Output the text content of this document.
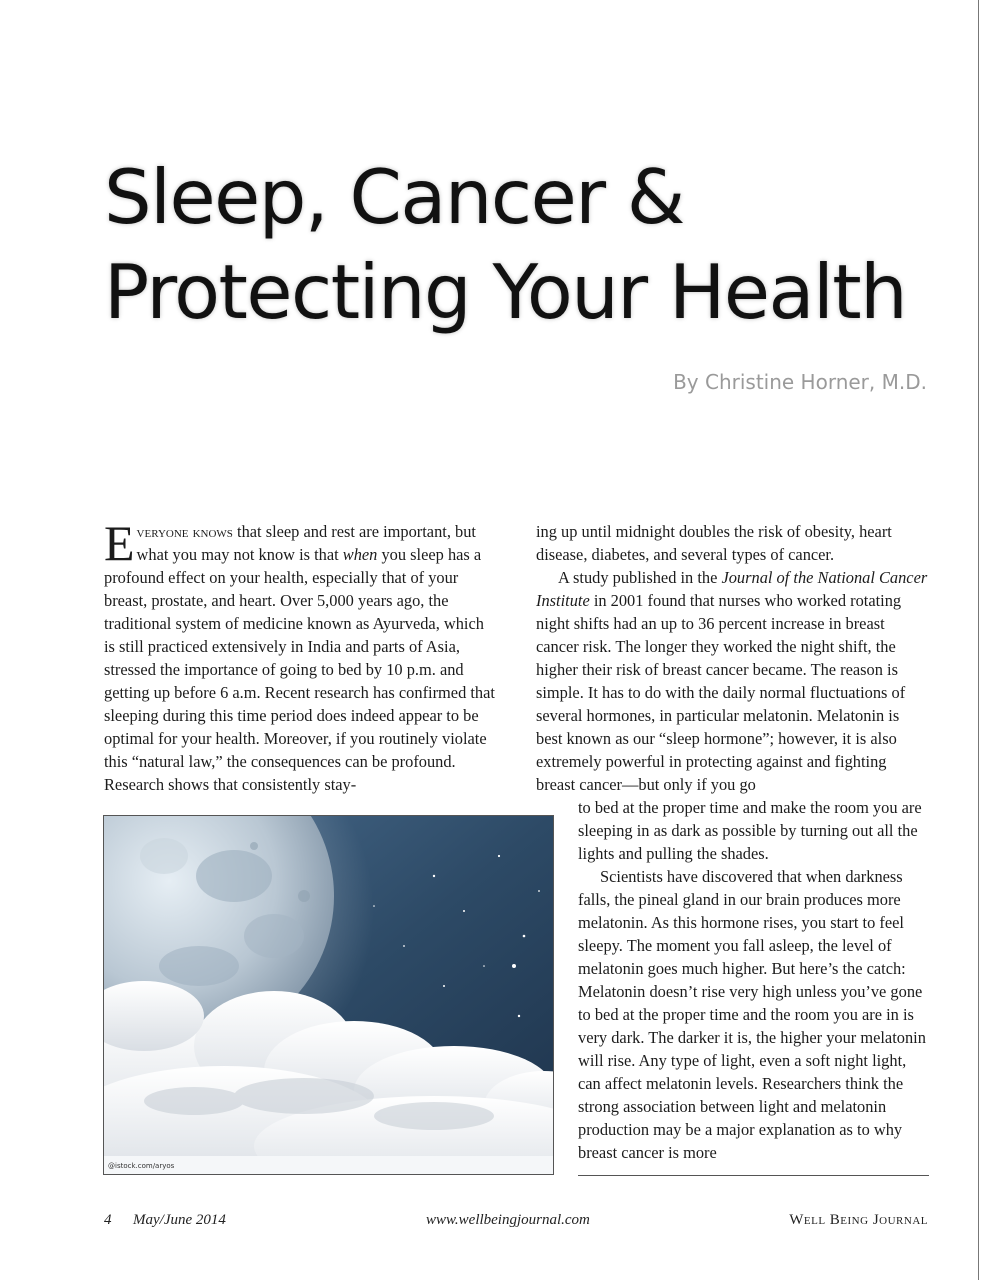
Sleep, Cancer &
Protecting Your Health
By Christine Horner, M.D.

Everyone knows that sleep and rest are important, but what you may not know is that when you sleep has a profound effect on your health, especially that of your breast, prostate, and heart. Over 5,000 years ago, the traditional system of medicine known as Ayurveda, which is still practiced extensively in India and parts of Asia, stressed the importance of going to bed by 10 p.m. and getting up before 6 a.m. Recent research has confirmed that sleeping during this time period does indeed appear to be optimal for your health. Moreover, if you routinely violate this “natural law,” the consequences can be profound. Research shows that consistently stay-

ing up until midnight doubles the risk of obesity, heart disease, diabetes, and several types of cancer.

A study published in the Journal of the National Cancer Institute in 2001 found that nurses who worked rotating night shifts had an up to 36 percent increase in breast cancer risk. The longer they worked the night shift, the higher their risk of breast cancer became. The reason is simple. It has to do with the daily normal fluctuations of several hormones, in particular melatonin. Melatonin is best known as our “sleep hormone”; however, it is also extremely powerful in protecting against and fighting breast cancer—but only if you go

to bed at the proper time and make the room you are sleeping in as dark as possible by turning out all the lights and pulling the shades.

Scientists have discovered that when darkness falls, the pineal gland in our brain produces more melatonin. As this hormone rises, you start to feel sleepy. The moment you fall asleep, the level of melatonin goes much higher. But here’s the catch: Melatonin doesn’t rise very high unless you’ve gone to bed at the proper time and the room you are in is very dark. The darker it is, the higher your melatonin will rise. Any type of light, even a soft night light, can affect melatonin levels. Researchers think the strong association between light and melatonin production may be a major explanation as to why breast cancer is more

@istock.com/aryos
4 May/June 2014	www.wellbeingjournal.com	Well Being Journal
